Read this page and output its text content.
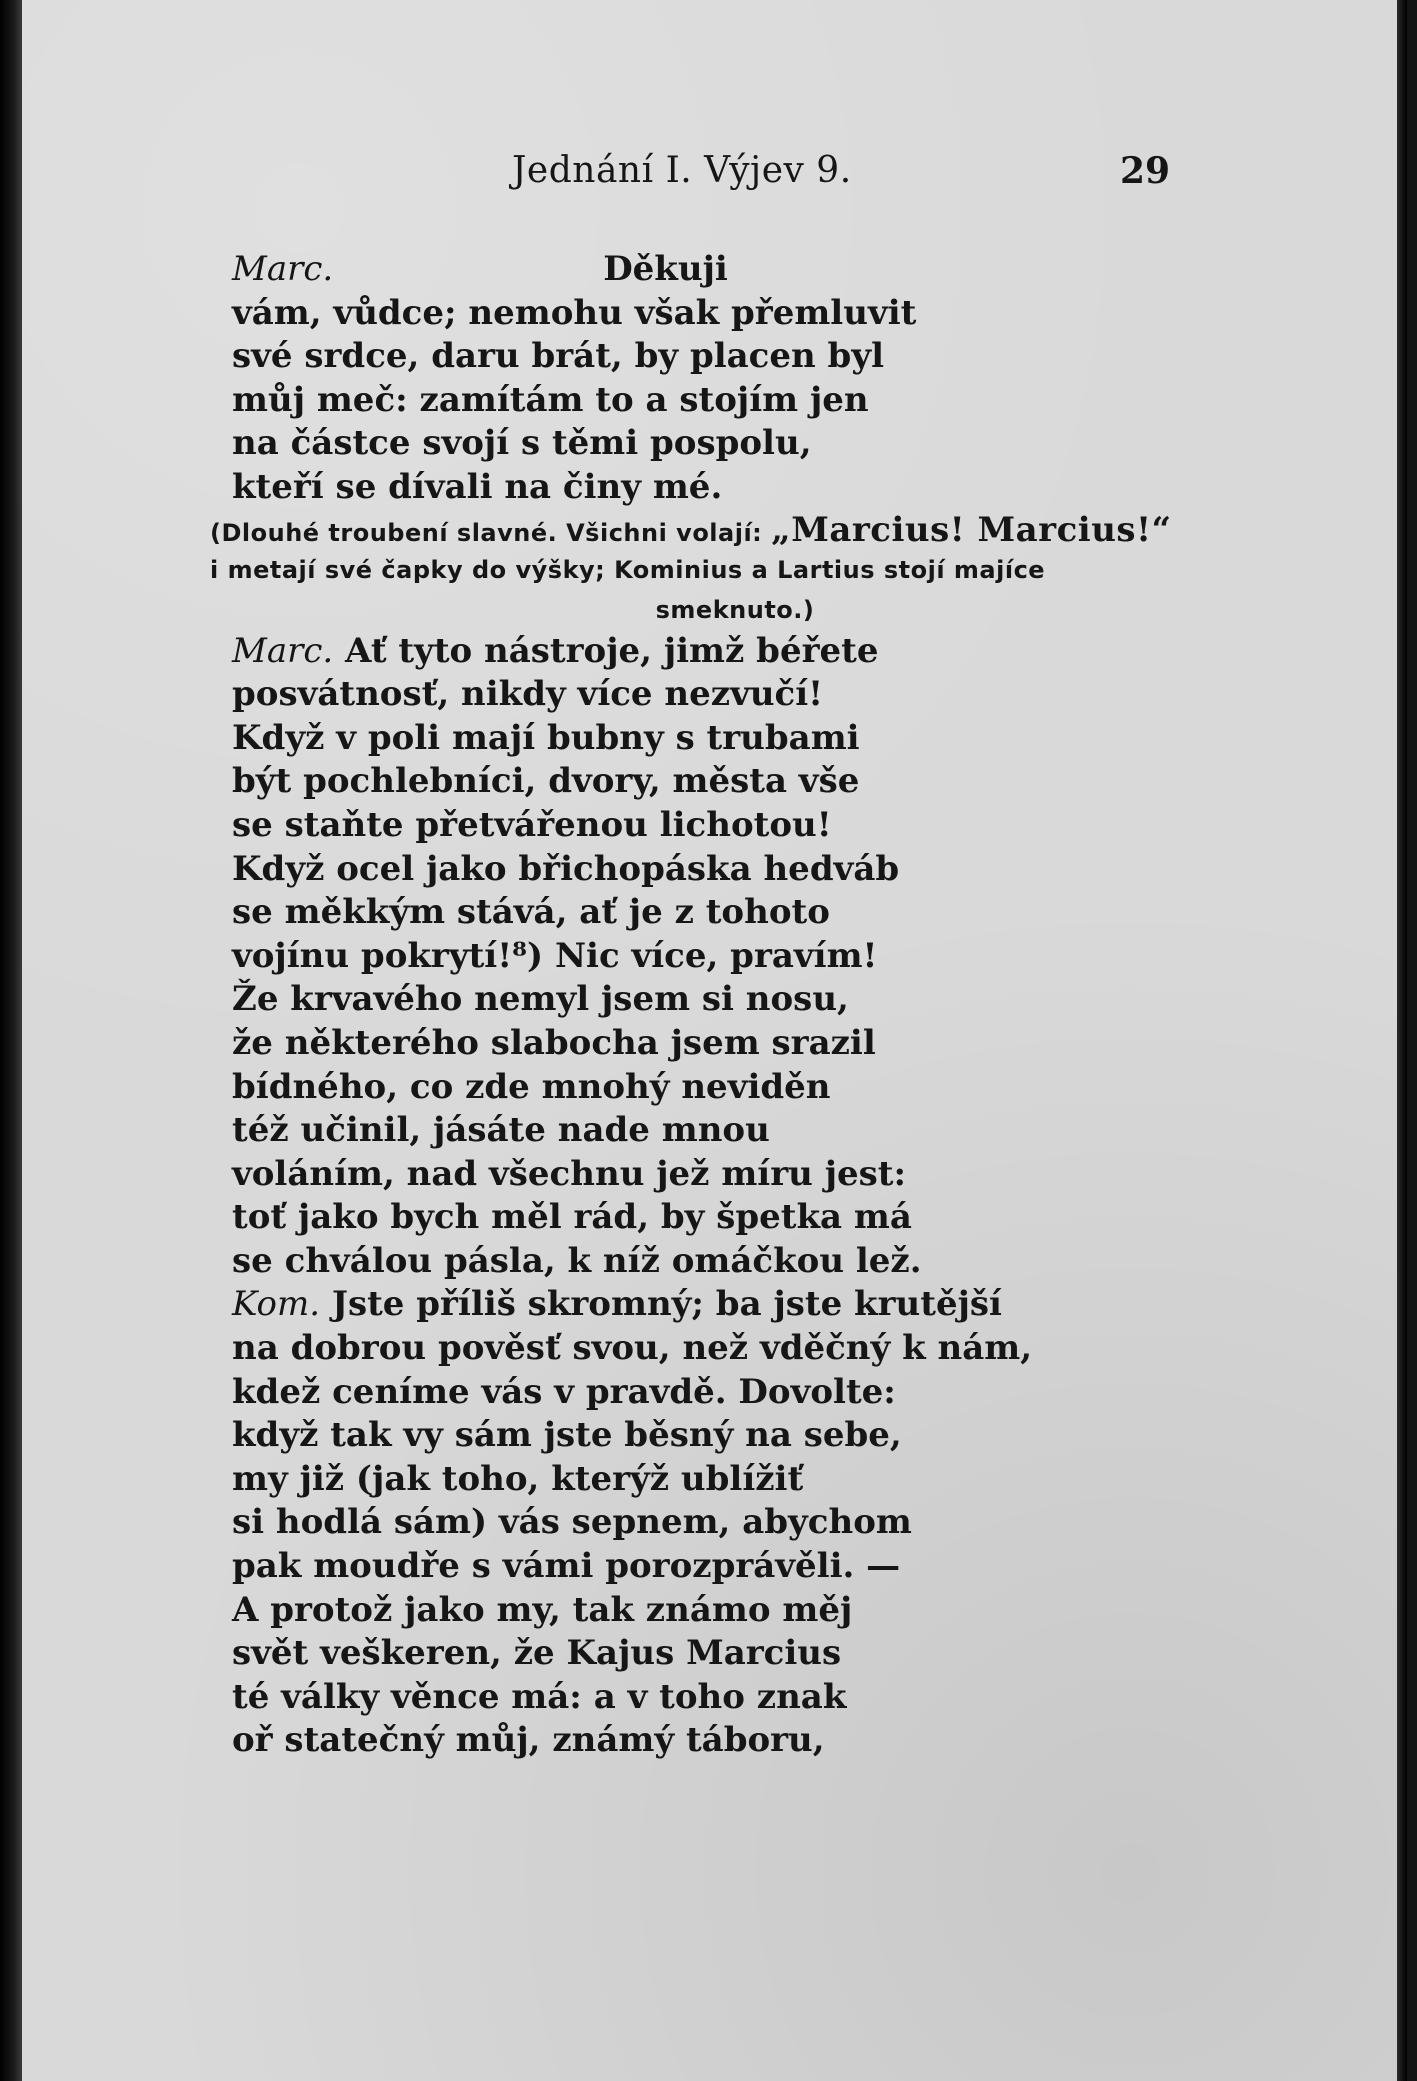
Jednání I. Výjev 9.	29
Marc.	Děkuji
vám, vůdce; nemohu však přemluvit
své srdce, daru brát, by placen byl
můj meč: zamítám to a stojím jen
na částce svojí s těmi pospolu,
kteří se dívali na činy mé.
(Dlouhé troubení slavné. Všichni volají: „Marcius! Marcius!“
i metají své čapky do výšky; Kominius a Lartius stojí majíce
smeknuto.)
Marc. Ať tyto nástroje, jimž béřete
posvátnosť, nikdy více nezvučí!
Když v poli mají bubny s trubami
být pochlebníci, dvory, města vše
se staňte přetvářenou lichotou!
Když ocel jako břichopáska hedváb
se měkkým stává, ať je z tohoto
vojínu pokrytí!⁸) Nic více, pravím!
Že krvavého nemyl jsem si nosu,
že některého slabocha jsem srazil
bídného, co zde mnohý neviděn
též učinil, jásáte nade mnou
voláním, nad všechnu jež míru jest:
toť jako bych měl rád, by špetka má
se chválou pásla, k níž omáčkou lež.
Kom. Jste příliš skromný; ba jste krutější
na dobrou pověsť svou, než vděčný k nám,
kdež ceníme vás v pravdě. Dovolte:
když tak vy sám jste běsný na sebe,
my již (jak toho, kterýž ublížiť
si hodlá sám) vás sepnem, abychom
pak moudře s vámi porozprávěli. —
A protož jako my, tak známo měj
svět veškeren, že Kajus Marcius
té války věnce má: a v toho znak
oř statečný můj, známý táboru,
